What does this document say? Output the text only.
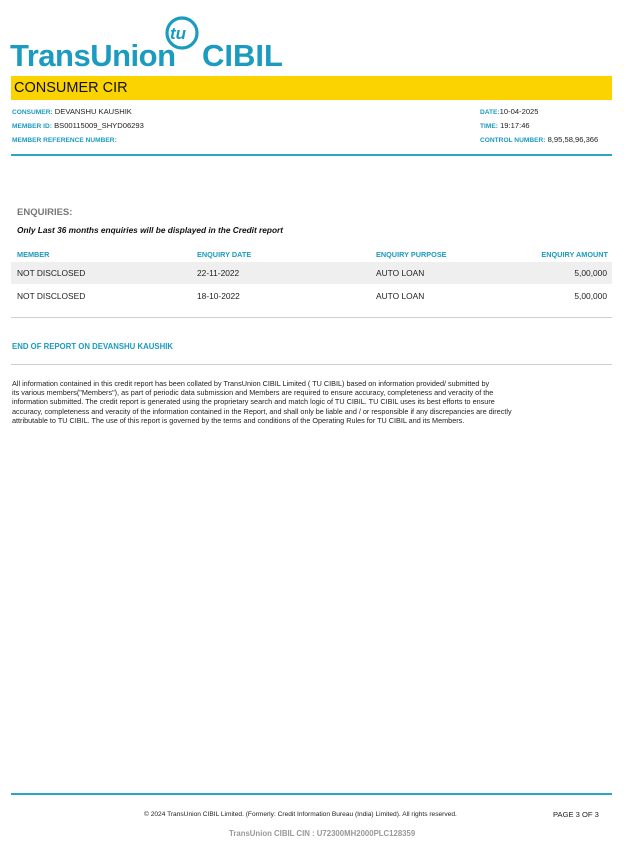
TransUnion
tu
CIBIL
CONSUMER CIR
CONSUMER: DEVANSHU KAUSHIK
MEMBER ID: BS00115009_SHYD06293
MEMBER REFERENCE NUMBER:
DATE:10-04-2025
TIME: 19:17:46
CONTROL NUMBER: 8,95,58,96,366
ENQUIRIES:
Only Last 36 months enquiries will be displayed in the Credit report
MEMBER	ENQUIRY DATE	ENQUIRY PURPOSE	ENQUIRY AMOUNT
NOT DISCLOSED	22-11-2022	AUTO LOAN	5,00,000
NOT DISCLOSED	18-10-2022	AUTO LOAN	5,00,000
END OF REPORT ON DEVANSHU KAUSHIK
All information contained in this credit report has been collated by TransUnion CIBIL Limited ( TU CIBIL) based on information provided/ submitted by
its various members("Members"), as part of periodic data submission and Members are required to ensure accuracy, completeness and veracity of the
information submitted. The credit report is generated using the proprietary search and match logic of TU CIBIL. TU CIBIL uses its best efforts to ensure
accuracy, completeness and veracity of the information contained in the Report, and shall only be liable and / or responsible if any discrepancies are directly
attributable to TU CIBIL. The use of this report is governed by the terms and conditions of the Operating Rules for TU CIBIL and its Members.
© 2024 TransUnion CIBIL Limited. (Formerly: Credit Information Bureau (India) Limited). All rights reserved.	PAGE 3 OF 3
TransUnion CIBIL CIN : U72300MH2000PLC128359
